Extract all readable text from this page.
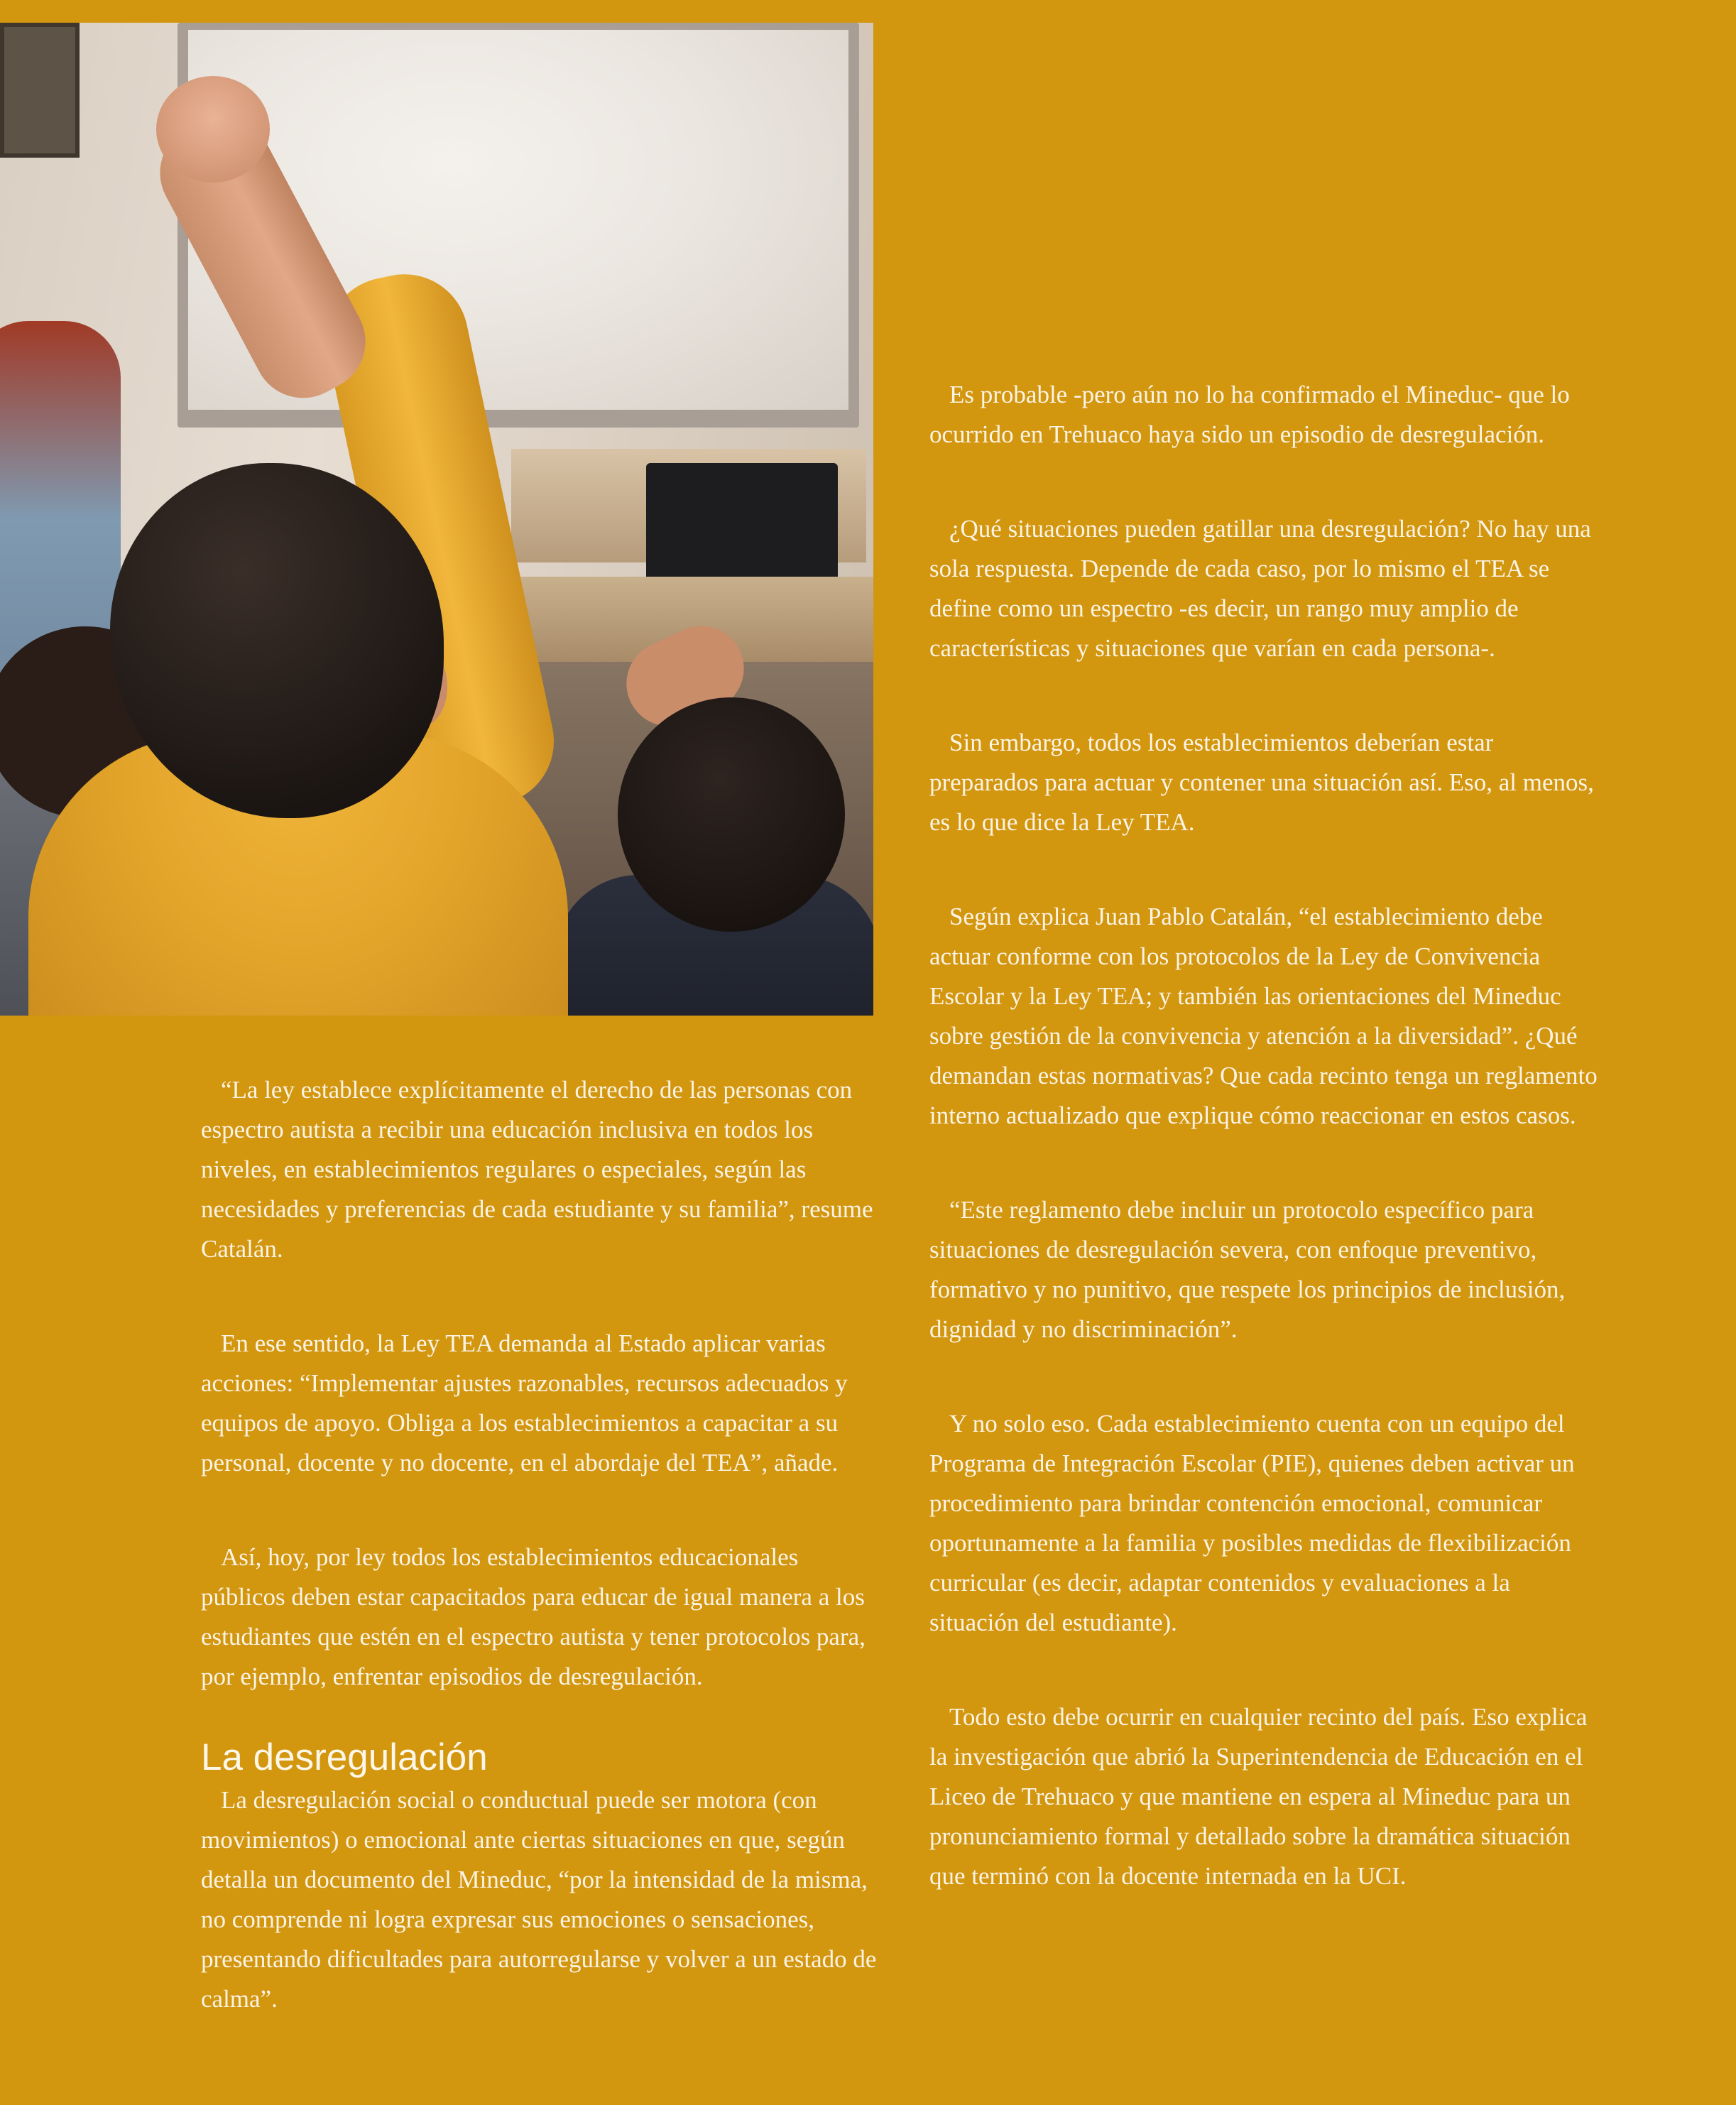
Es probable -pero aún no lo ha confirmado el Mineduc- que lo ocurrido en Trehuaco haya sido un episodio de desregulación.

¿Qué situaciones pueden gatillar una desregulación? No hay una sola respuesta. Depende de cada caso, por lo mismo el TEA se define como un espectro -es decir, un rango muy amplio de características y situaciones que varían en cada persona-.

Sin embargo, todos los establecimientos deberían estar preparados para actuar y contener una situación así. Eso, al menos, es lo que dice la Ley TEA.

Según explica Juan Pablo Catalán, “el establecimiento debe actuar conforme con los protocolos de la Ley de Convivencia Escolar y la Ley TEA; y también las orientaciones del Mineduc sobre gestión de la convivencia y atención a la diversidad”. ¿Qué demandan estas normativas? Que cada recinto tenga un reglamento interno actualizado que explique cómo reaccionar en estos casos.

“Este reglamento debe incluir un protocolo específico para situaciones de desregulación severa, con enfoque preventivo, formativo y no punitivo, que respete los principios de inclusión, dignidad y no discriminación”.

Y no solo eso. Cada establecimiento cuenta con un equipo del Programa de Integración Escolar (PIE), quienes deben activar un procedimiento para brindar contención emocional, comunicar oportunamente a la familia y posibles medidas de flexibilización curricular (es decir, adaptar contenidos y evaluaciones a la situación del estudiante).

Todo esto debe ocurrir en cualquier recinto del país. Eso explica la investigación que abrió la Superintendencia de Educación en el Liceo de Trehuaco y que mantiene en espera al Mineduc para un pronunciamiento formal y detallado sobre la dramática situación que terminó con la docente internada en la UCI.

“La ley establece explícitamente el derecho de las personas con espectro autista a recibir una educación inclusiva en todos los niveles, en establecimientos regulares o especiales, según las necesidades y preferencias de cada estudiante y su familia”, resume Catalán.

En ese sentido, la Ley TEA demanda al Estado aplicar varias acciones: “Implementar ajustes razonables, recursos adecuados y equipos de apoyo. Obliga a los establecimientos a capacitar a su personal, docente y no docente, en el abordaje del TEA”, añade.

Así, hoy, por ley todos los establecimientos educacionales públicos deben estar capacitados para educar de igual manera a los estudiantes que estén en el espectro autista y tener protocolos para, por ejemplo, enfrentar episodios de desregulación.

La desregulación

La desregulación social o conductual puede ser motora (con movimientos) o emocional ante ciertas situaciones en que, según detalla un documento del Mineduc, “por la intensidad de la misma, no comprende ni logra expresar sus emociones o sensaciones, presentando dificultades para autorregularse y volver a un estado de calma”.
